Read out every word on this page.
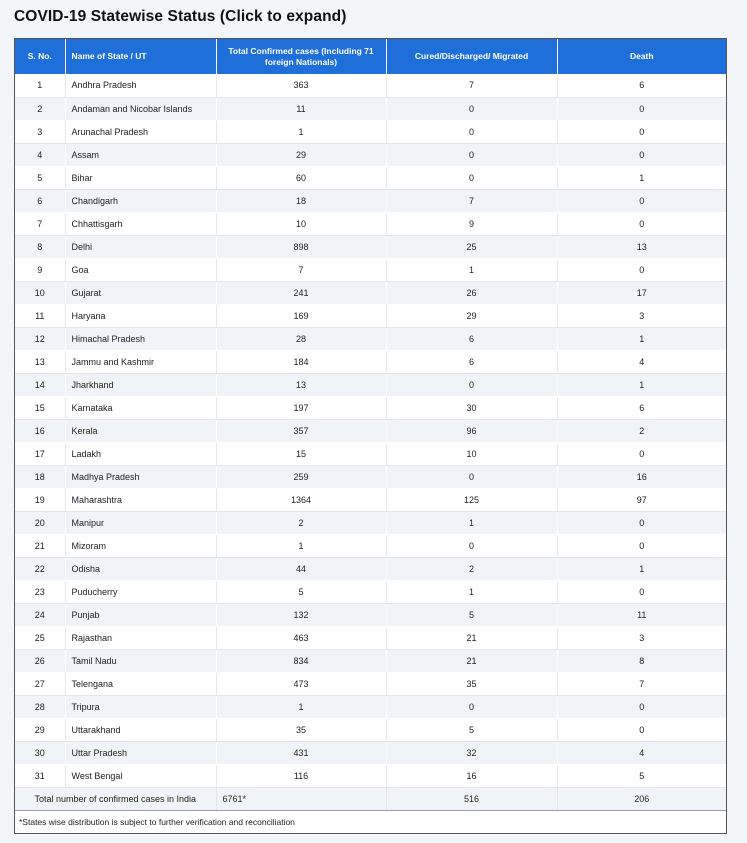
COVID-19 Statewise Status (Click to expand)
S. No.	Name of State / UT	Total Confirmed cases (Including 71 foreign Nationals)	Cured/Discharged/ Migrated	Death
1	Andhra Pradesh	363	7	6
2	Andaman and Nicobar Islands	11	0	0
3	Arunachal Pradesh	1	0	0
4	Assam	29	0	0
5	Bihar	60	0	1
6	Chandigarh	18	7	0
7	Chhattisgarh	10	9	0
8	Delhi	898	25	13
9	Goa	7	1	0
10	Gujarat	241	26	17
11	Haryana	169	29	3
12	Himachal Pradesh	28	6	1
13	Jammu and Kashmir	184	6	4
14	Jharkhand	13	0	1
15	Karnataka	197	30	6
16	Kerala	357	96	2
17	Ladakh	15	10	0
18	Madhya Pradesh	259	0	16
19	Maharashtra	1364	125	97
20	Manipur	2	1	0
21	Mizoram	1	0	0
22	Odisha	44	2	1
23	Puducherry	5	1	0
24	Punjab	132	5	11
25	Rajasthan	463	21	3
26	Tamil Nadu	834	21	8
27	Telengana	473	35	7
28	Tripura	1	0	0
29	Uttarakhand	35	5	0
30	Uttar Pradesh	431	32	4
31	West Bengal	116	16	5
Total number of confirmed cases in India		6761*	516	206
*States wise distribution is subject to further verification and reconciliation
